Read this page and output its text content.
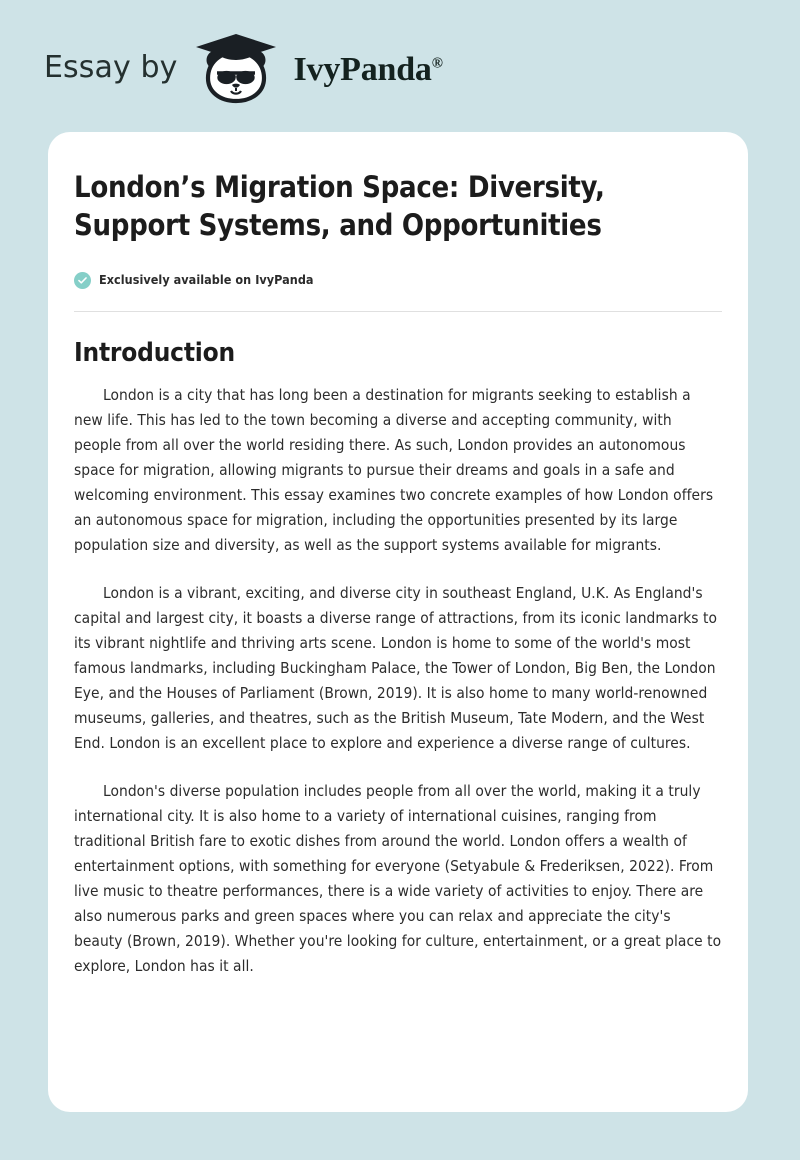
Essay by	IvyPanda®
London’s Migration Space: Diversity, Support Systems, and Opportunities
Exclusively available on IvyPanda
Introduction

London is a city that has long been a destination for migrants seeking to establish a new life. This has led to the town becoming a diverse and accepting community, with people from all over the world residing there. As such, London provides an autonomous space for migration, allowing migrants to pursue their dreams and goals in a safe and welcoming environment. This essay examines two concrete examples of how London offers an autonomous space for migration, including the opportunities presented by its large population size and diversity, as well as the support systems available for migrants.

London is a vibrant, exciting, and diverse city in southeast England, U.K. As England's capital and largest city, it boasts a diverse range of attractions, from its iconic landmarks to its vibrant nightlife and thriving arts scene. London is home to some of the world's most famous landmarks, including Buckingham Palace, the Tower of London, Big Ben, the London Eye, and the Houses of Parliament (Brown, 2019). It is also home to many world-renowned museums, galleries, and theatres, such as the British Museum, Tate Modern, and the West End. London is an excellent place to explore and experience a diverse range of cultures.

London's diverse population includes people from all over the world, making it a truly international city. It is also home to a variety of international cuisines, ranging from traditional British fare to exotic dishes from around the world. London offers a wealth of entertainment options, with something for everyone (Setyabule & Frederiksen, 2022). From live music to theatre performances, there is a wide variety of activities to enjoy. There are also numerous parks and green spaces where you can relax and appreciate the city's beauty (Brown, 2019). Whether you're looking for culture, entertainment, or a great place to explore, London has it all.
